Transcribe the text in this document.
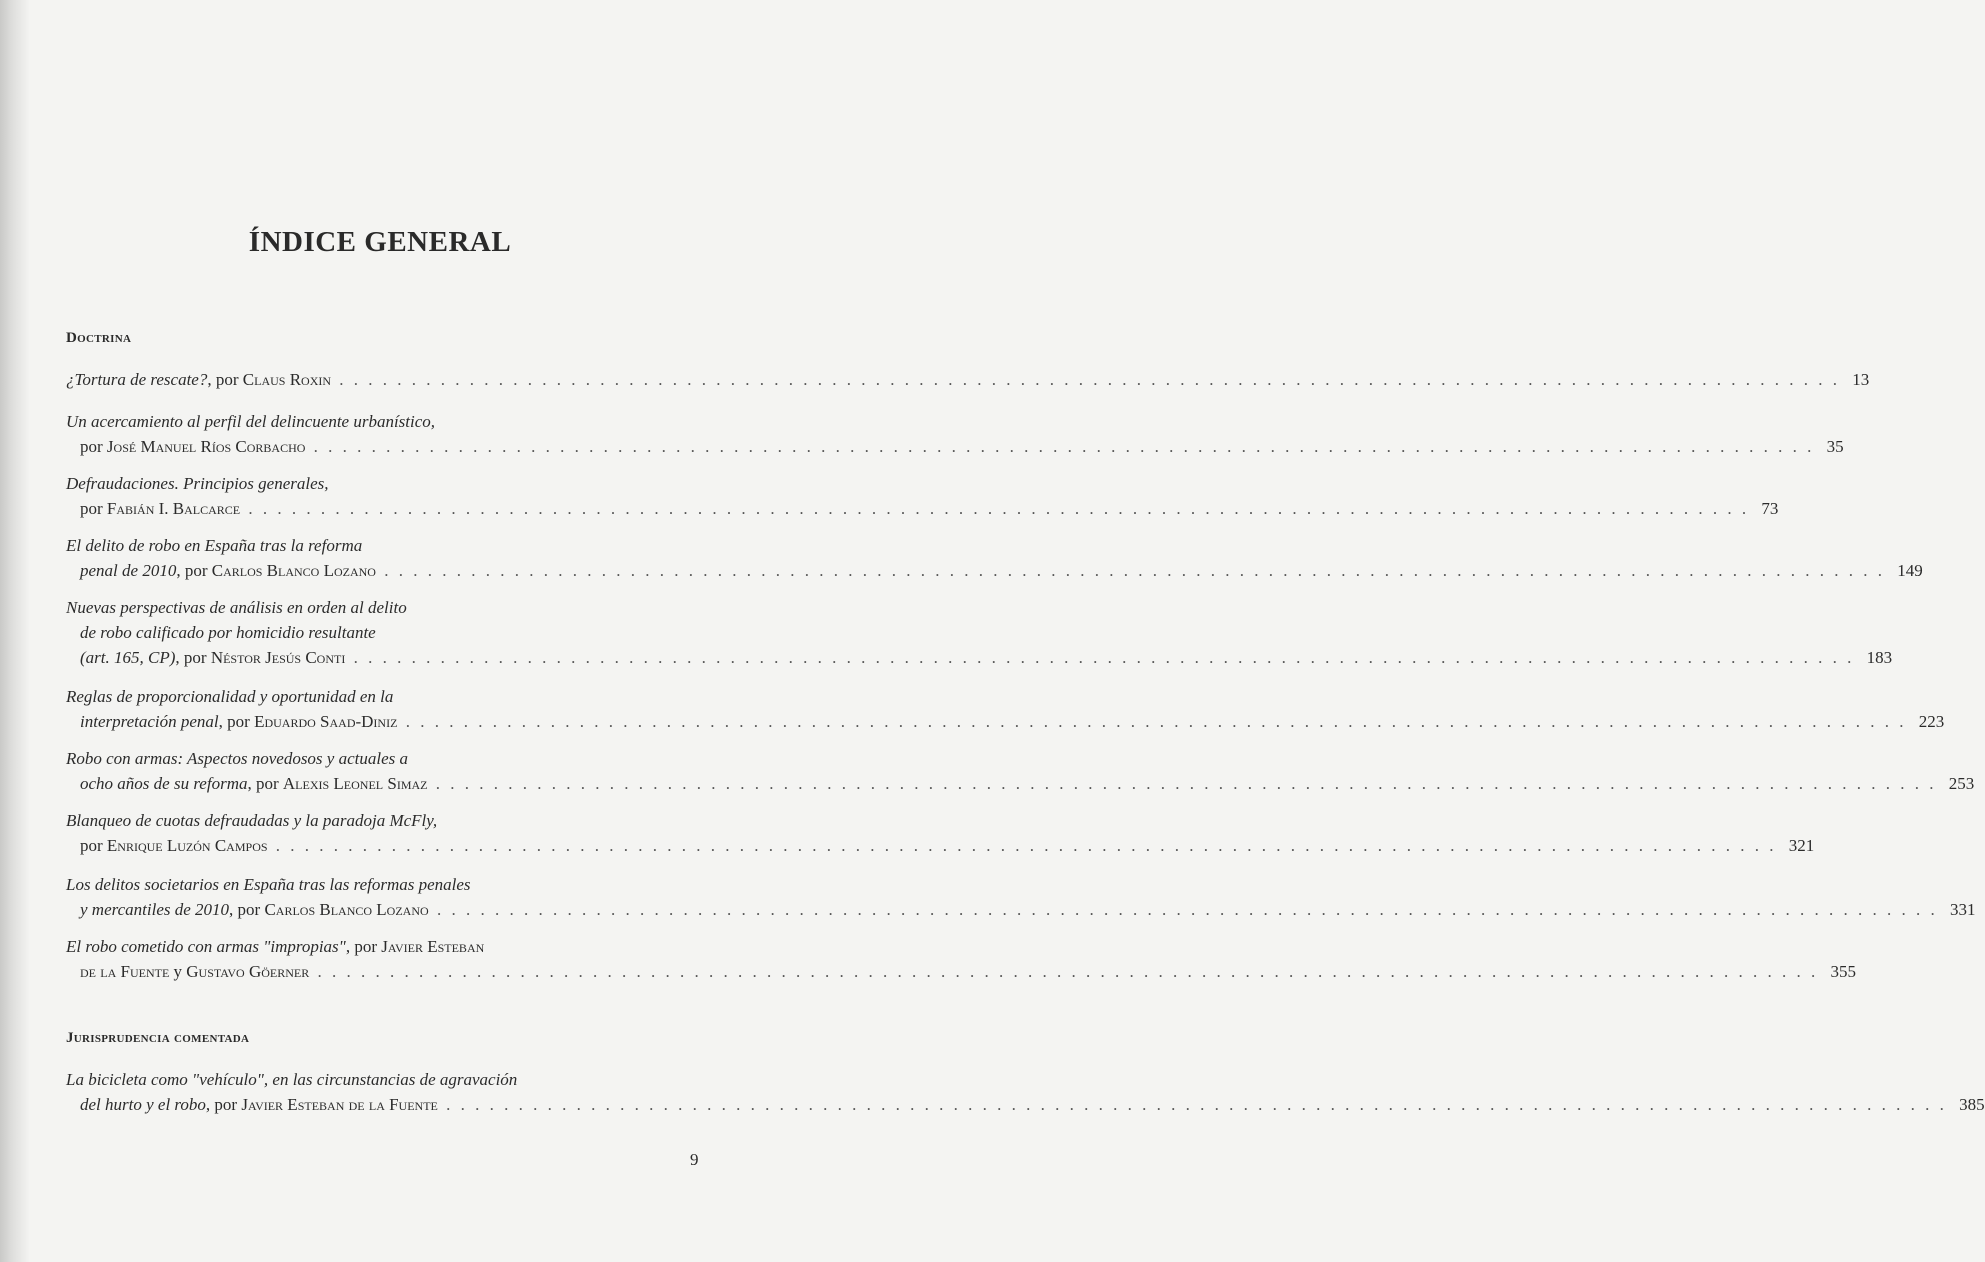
ÍNDICE GENERAL
Doctrina
¿Tortura de rescate?, por Claus Roxin . . .	13
Un acercamiento al perfil del delincuente urbanístico,
por José Manuel Ríos Corbacho . . .	35
Defraudaciones. Principios generales,
por Fabián I. Balcarce . . .	73
El delito de robo en España tras la reforma
penal de 2010, por Carlos Blanco Lozano . . .	149
Nuevas perspectivas de análisis en orden al delito
de robo calificado por homicidio resultante
(art. 165, CP), por Néstor Jesús Conti . . .	183
Reglas de proporcionalidad y oportunidad en la
interpretación penal, por Eduardo Saad-Diniz . . .	223
Robo con armas: Aspectos novedosos y actuales a
ocho años de su reforma, por Alexis Leonel Simaz . . .	253
Blanqueo de cuotas defraudadas y la paradoja McFly,
por Enrique Luzón Campos . . .	321
Los delitos societarios en España tras las reformas penales
y mercantiles de 2010, por Carlos Blanco Lozano . . .	331
El robo cometido con armas "impropias", por Javier Esteban
de la Fuente y Gustavo Göerner . . .	355
Jurisprudencia comentada
La bicicleta como "vehículo", en las circunstancias de agravación
del hurto y el robo, por Javier Esteban de la Fuente . . .	385
9
